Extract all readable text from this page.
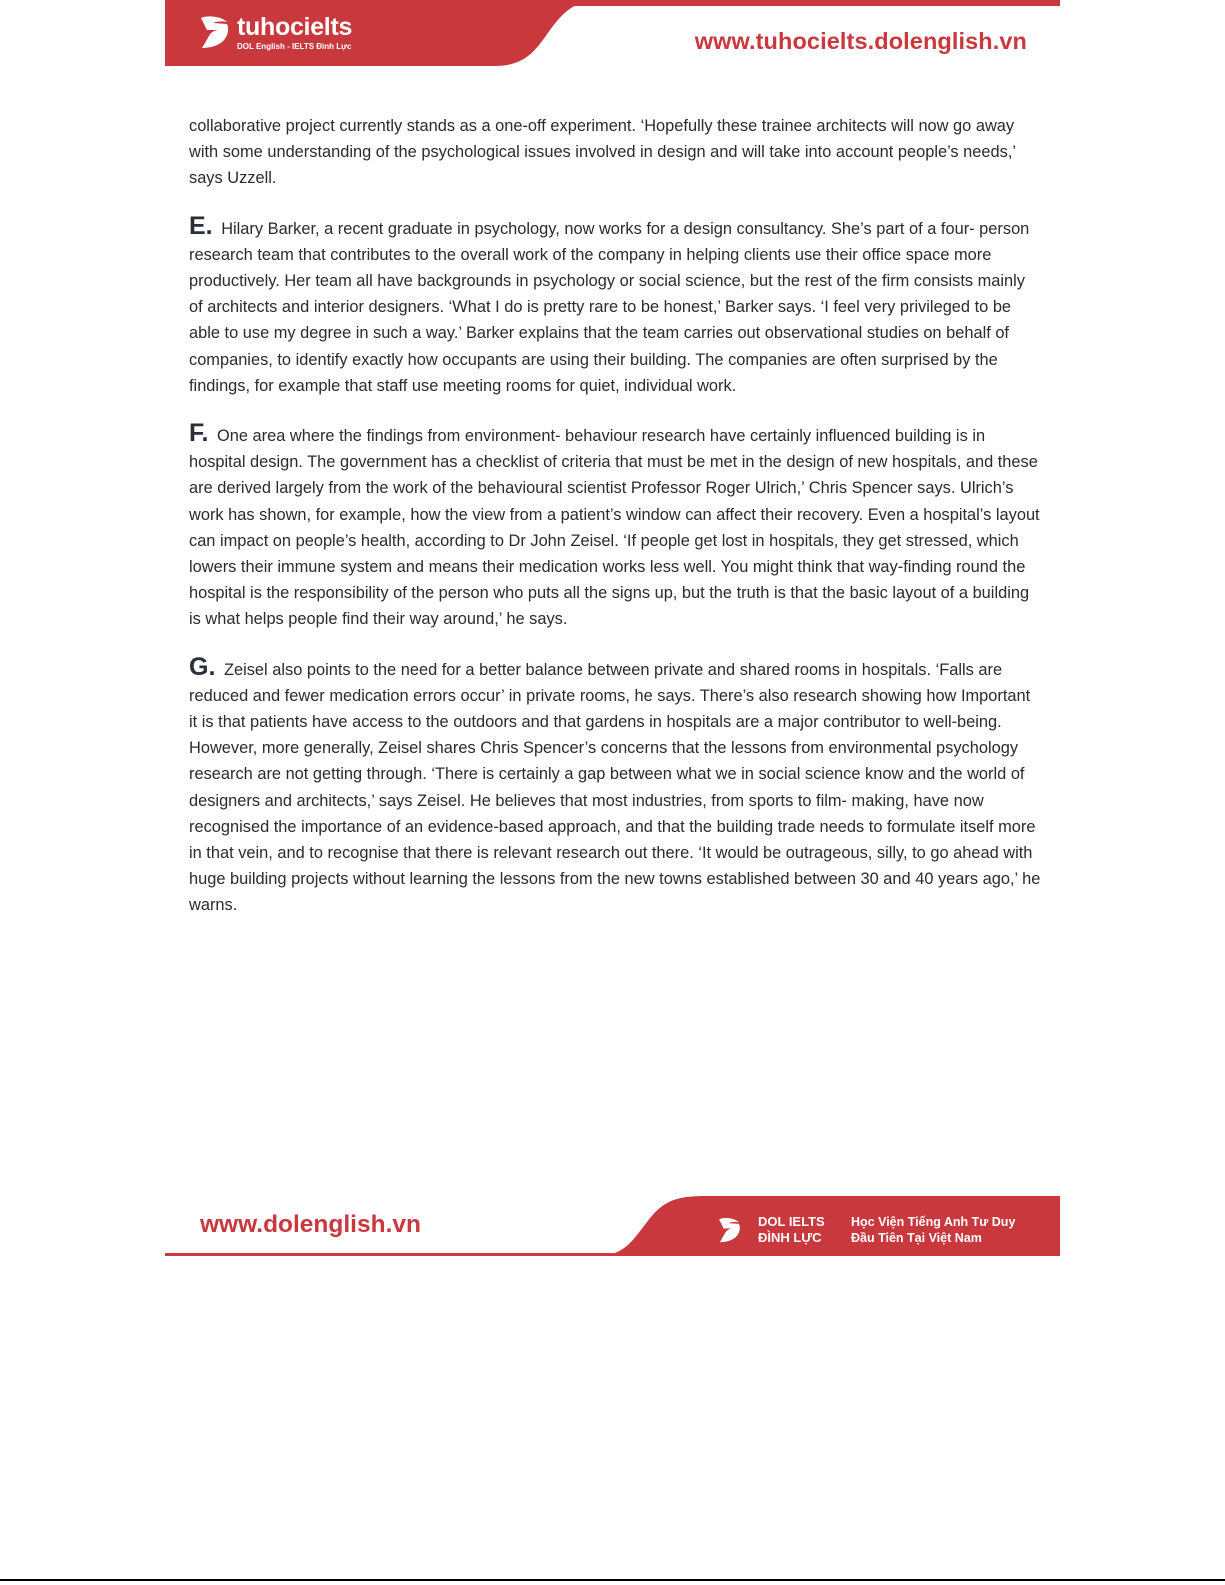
tuhocielts
DOL English - IELTS Đình Lực	www.tuhocielts.dolenglish.vn

collaborative project currently stands as a one-off experiment. ‘Hopefully these trainee architects will now go away with some understanding of the psychological issues involved in design and will take into account people’s needs,’ says Uzzell.

E. Hilary Barker, a recent graduate in psychology, now works for a design consultancy. She’s part of a four- person research team that contributes to the overall work of the company in helping clients use their office space more productively. Her team all have backgrounds in psychology or social science, but the rest of the firm consists mainly of architects and interior designers. ‘What I do is pretty rare to be honest,’ Barker says. ‘I feel very privileged to be able to use my degree in such a way.’ Barker explains that the team carries out observational studies on behalf of companies, to identify exactly how occupants are using their building. The companies are often surprised by the findings, for example that staff use meeting rooms for quiet, individual work.

F. One area where the findings from environment- behaviour research have certainly influenced building is in hospital design. The government has a checklist of criteria that must be met in the design of new hospitals, and these are derived largely from the work of the behavioural scientist Professor Roger Ulrich,’ Chris Spencer says. Ulrich’s work has shown, for example, how the view from a patient’s window can affect their recovery. Even a hospital’s layout can impact on people’s health, according to Dr John Zeisel. ‘If people get lost in hospitals, they get stressed, which lowers their immune system and means their medication works less well. You might think that way-finding round the hospital is the responsibility of the person who puts all the signs up, but the truth is that the basic layout of a building is what helps people find their way around,’ he says.

G. Zeisel also points to the need for a better balance between private and shared rooms in hospitals. ‘Falls are reduced and fewer medication errors occur’ in private rooms, he says. There’s also research showing how Important it is that patients have access to the outdoors and that gardens in hospitals are a major contributor to well-being. However, more generally, Zeisel shares Chris Spencer’s concerns that the lessons from environmental psychology research are not getting through. ‘There is certainly a gap between what we in social science know and the world of designers and architects,’ says Zeisel. He believes that most industries, from sports to film- making, have now recognised the importance of an evidence-based approach, and that the building trade needs to formulate itself more in that vein, and to recognise that there is relevant research out there. ‘It would be outrageous, silly, to go ahead with huge building projects without learning the lessons from the new towns established between 30 and 40 years ago,’ he warns.

www.dolenglish.vn	DOL IELTS
ĐÌNH LỰC
Học Viện Tiếng Anh Tư Duy
Đầu Tiên Tại Việt Nam
